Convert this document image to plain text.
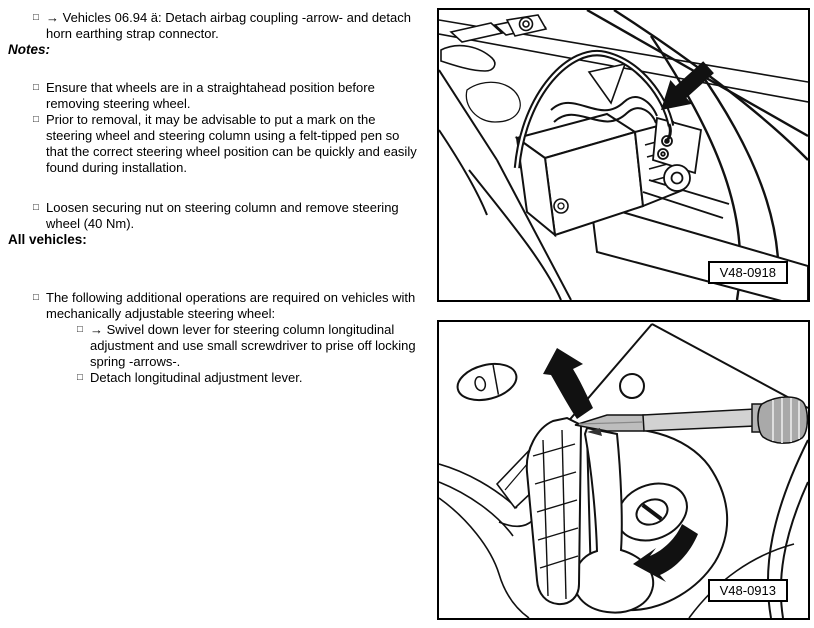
□ → Vehicles 06.94 ä: Detach airbag coupling -arrow- and detach horn earthing strap connector.
Notes:
□ Ensure that wheels are in a straightahead position before removing steering wheel.
□ Prior to removal, it may be advisable to put a mark on the steering wheel and steering column using a felt-tipped pen so that the correct steering wheel position can be quickly and easily found during installation.
□ Loosen securing nut on steering column and remove steering wheel (40 Nm).
All vehicles:
□ The following additional operations are required on vehicles with mechanically adjustable steering wheel:
□ → Swivel down lever for steering column longitudinal adjustment and use small screwdriver to prise off locking spring -arrows-.
□ Detach longitudinal adjustment lever.
V48-0918
V48-0913
